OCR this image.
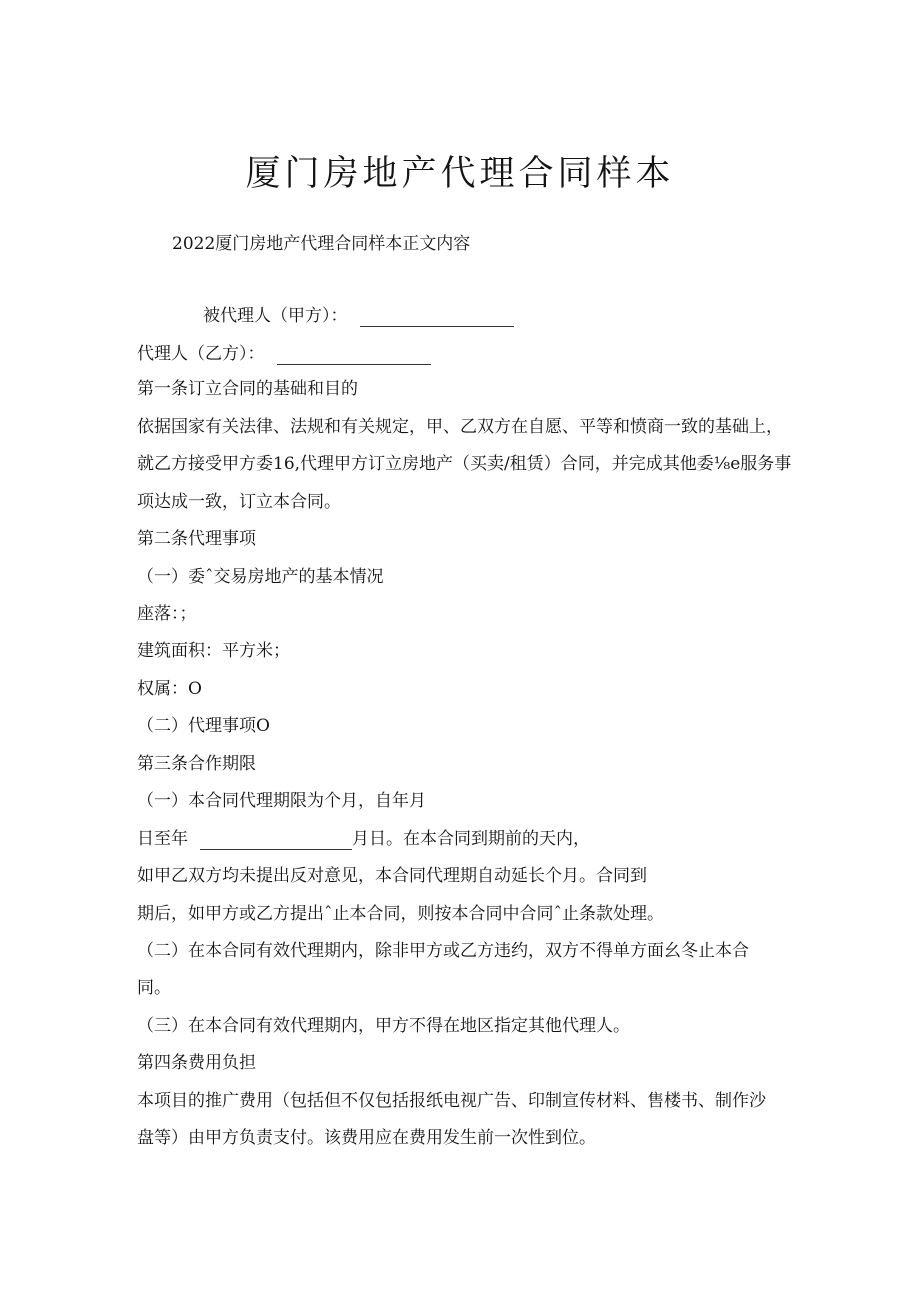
厦门房地产代理合同样本
2022厦门房地产代理合同样本正文内容
被代理人（甲方）：
代理人（乙方）：
第一条订立合同的基础和目的
依据国家有关法律、法规和有关规定，甲、乙双方在自愿、平等和愤商一致的基础上，
就乙方接受甲方委16,代理甲方订立房地产（买卖/租赁）合同，并完成其他委⅛e服务事
项达成一致，订立本合同。
第二条代理事项
（一）委ˆ交易房地产的基本情况
座落：；
建筑面积：平方米；
权属：O
（二）代理事项O
第三条合作期限
（一）本合同代理期限为个月，自年月
日至年	月日。在本合同到期前的天内，
如甲乙双方均未提出反对意见，本合同代理期自动延长个月。合同到
期后，如甲方或乙方提出ˆ止本合同，则按本合同中合同ˆ止条款处理。
（二）在本合同有效代理期内，除非甲方或乙方违约，双方不得单方面幺冬止本合
同。
（三）在本合同有效代理期内，甲方不得在地区指定其他代理人。
第四条费用负担
本项目的推广费用（包括但不仅包括报纸电视广告、印制宣传材料、售楼书、制作沙
盘等）由甲方负责支付。该费用应在费用发生前一次性到位。
